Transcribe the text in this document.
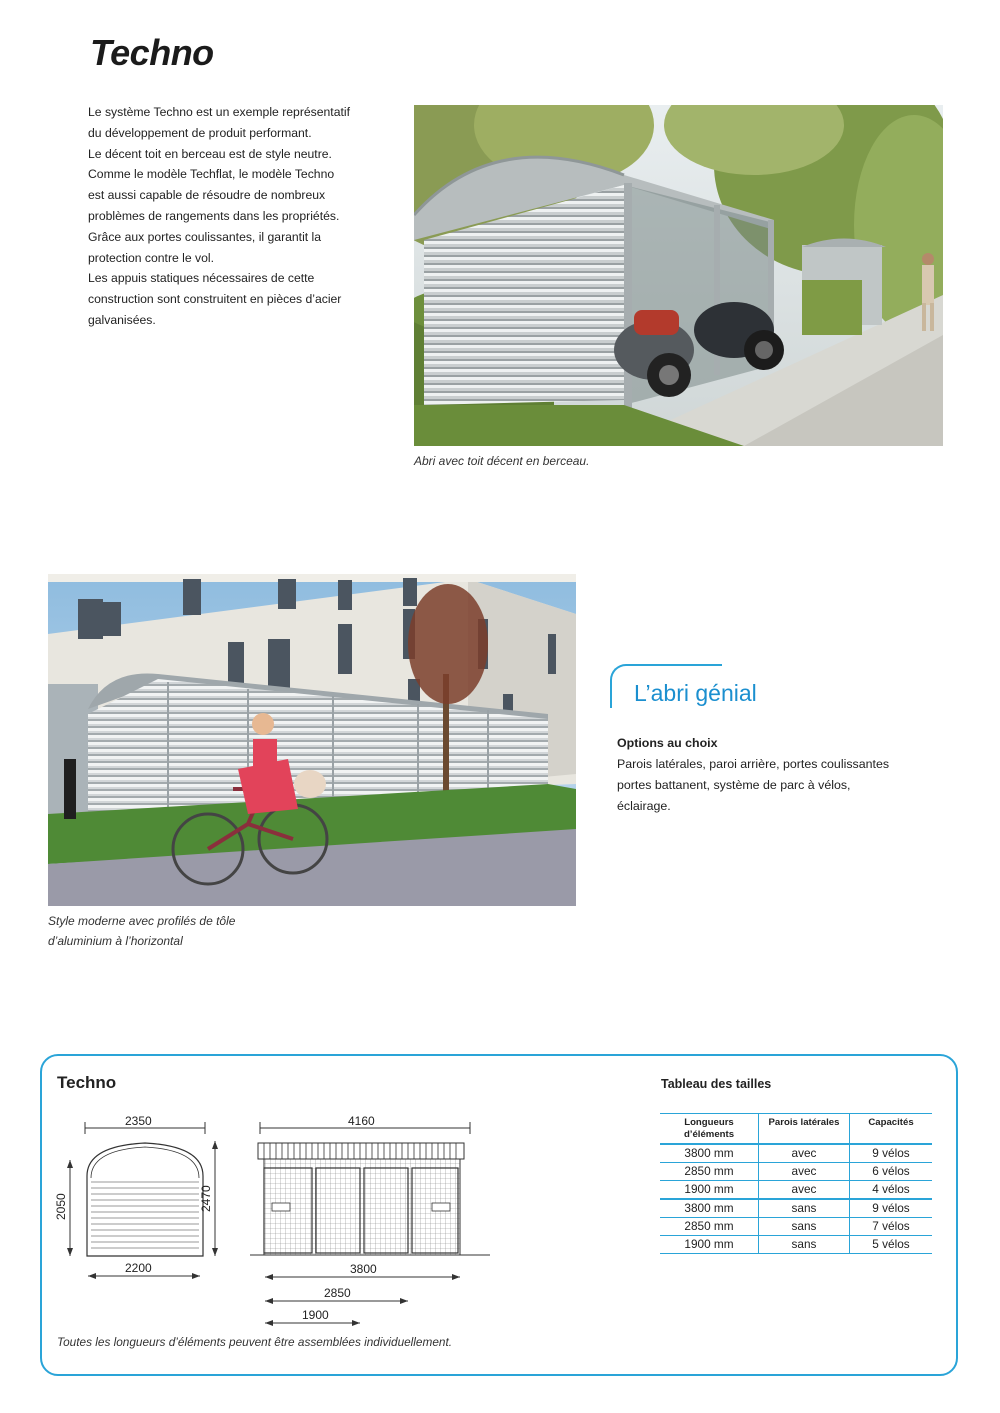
Techno

Le système Techno est un exemple représentatif

du développement de produit performant.

Le décent toit en berceau est de style neutre.

Comme le modèle Techflat, le modèle Techno

est aussi capable de résoudre de nombreux

problèmes de rangements dans les propriétés.

Grâce aux portes coulissantes, il garantit la

protection contre le vol.

Les appuis statiques nécessaires de cette

construction sont construitent en pièces d’acier

galvanisées.

Abri avec toit décent en berceau.
Style moderne avec profilés de tôle
d’aluminium à l’horizontal
L’abri génial
Options au choix
Parois latérales, paroi arrière, portes coulissantes
portes battanent, système de parc à vélos,
éclairage.
Techno
2350
2050	2470
2200
4160
3800
2850
1900
Toutes les longueurs d’éléments peuvent être assemblées individuellement.
Tableau des tailles
Longueurs d’éléments	Parois latérales	Capacités
3800 mm	avec	9 vélos
2850 mm	avec	6 vélos
1900 mm	avec	4 vélos
3800 mm	sans	9 vélos
2850 mm	sans	7 vélos
1900 mm	sans	5 vélos
